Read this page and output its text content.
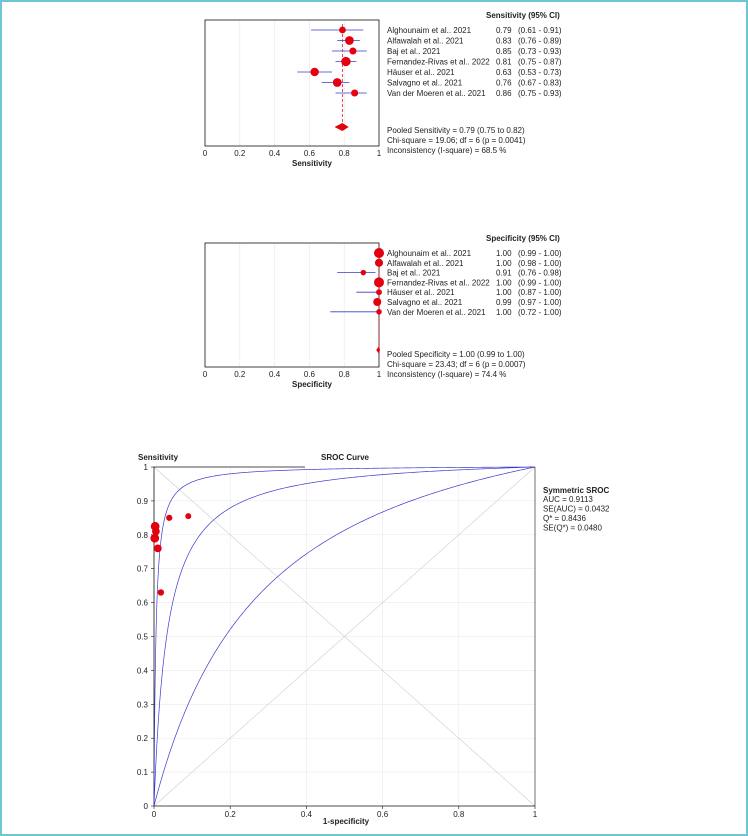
0	0.2	0.4	0.6	0.8	1
Sensitivity
Sensitivity (95% CI)
Alghounaim et al.. 2021	0.79 (0.61 - 0.91)
Alfawalah et al.. 2021	0.83 (0.76 - 0.89)
Baj et al.. 2021	0.85 (0.73 - 0.93)
Fernandez-Rivas et al.. 2022 0.81 (0.75 - 0.87)
Häuser et al.. 2021	0.63 (0.53 - 0.73)
Salvagno et al.. 2021	0.76 (0.67 - 0.83)
Van der Moeren et al.. 2021 0.86 (0.75 - 0.93)
Pooled Sensitivity = 0.79 (0.75 to 0.82)
Chi-square = 19.06; df = 6 (p = 0.0041)
Inconsistency (I-square) = 68.5 %
0	0.2	0.4	0.6	0.8	1
Specificity
Specificity (95% CI)
Alghounaim et al.. 2021	1.00 (0.99 - 1.00)
Alfawalah et al.. 2021	1.00 (0.98 - 1.00)
Baj et al.. 2021	0.91 (0.76 - 0.98)
Fernandez-Rivas et al.. 2022 1.00 (0.99 - 1.00)
Häuser et al.. 2021	1.00 (0.87 - 1.00)
Salvagno et al.. 2021	0.99 (0.97 - 1.00)
Van der Moeren et al.. 2021 1.00 (0.72 - 1.00)
Pooled Specificity = 1.00 (0.99 to 1.00)
Chi-square = 23.43; df = 6 (p = 0.0007)
Inconsistency (I-square) = 74.4 %
0	0.2	0.4	0.6	0.8	1
0
0.1
0.2
0.3
0.4
0.5
0.6
0.7
0.8
0.9
1
Sensitivity	SROC Curve
1-specificity
Symmetric SROC
AUC = 0.9113
SE(AUC) = 0.0432
Q* = 0.8436
SE(Q*) = 0.0480
